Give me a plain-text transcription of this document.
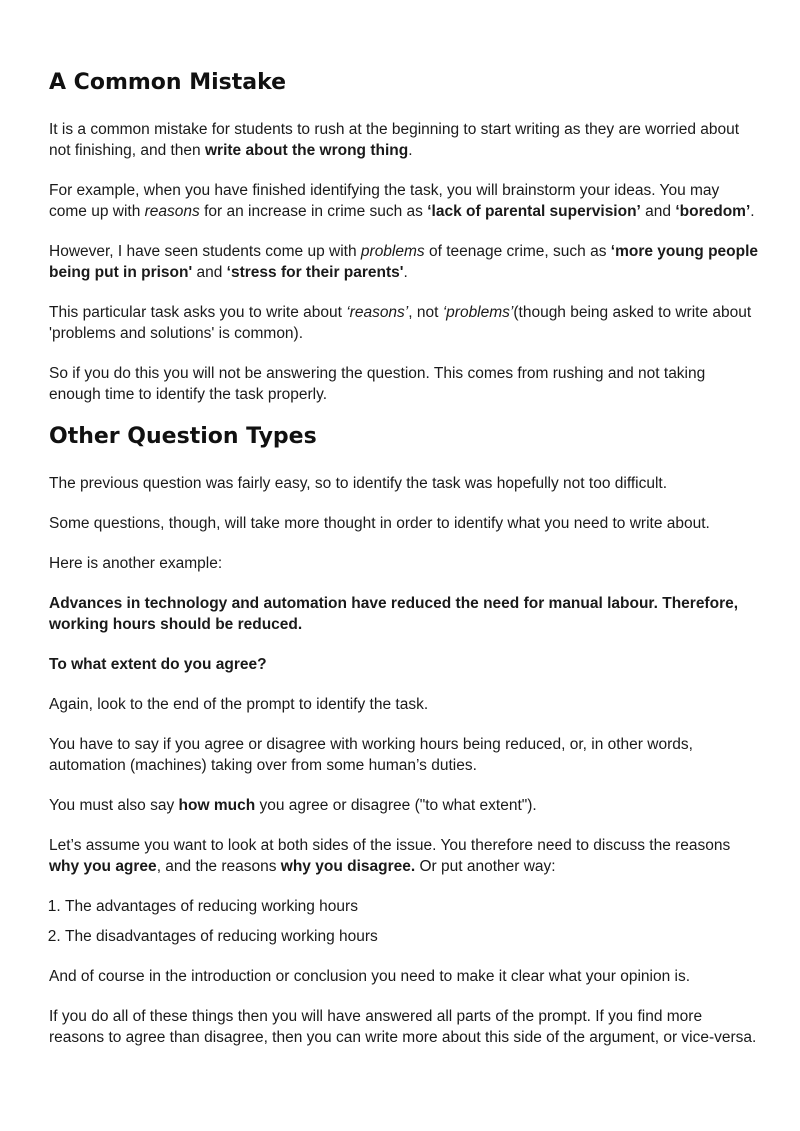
A Common Mistake

It is a common mistake for students to rush at the beginning to start writing as they are worried about not finishing, and then write about the wrong thing.

For example, when you have finished identifying the task, you will brainstorm your ideas. You may come up with reasons for an increase in crime such as ‘lack of parental supervision’ and ‘boredom’.

However, I have seen students come up with problems of teenage crime, such as ‘more young people being put in prison' and ‘stress for their parents'.

This particular task asks you to write about ‘reasons’, not ‘problems’(though being asked to write about 'problems and solutions' is common).

So if you do this you will not be answering the question. This comes from rushing and not taking enough time to identify the task properly.

Other Question Types

The previous question was fairly easy, so to identify the task was hopefully not too difficult.

Some questions, though, will take more thought in order to identify what you need to write about.

Here is another example:

Advances in technology and automation have reduced the need for manual labour. Therefore, working hours should be reduced.

To what extent do you agree?

Again, look to the end of the prompt to identify the task.

You have to say if you agree or disagree with working hours being reduced, or, in other words, automation (machines) taking over from some human’s duties.

You must also say how much you agree or disagree ("to what extent").

Let’s assume you want to look at both sides of the issue. You therefore need to discuss the reasons why you agree, and the reasons why you disagree. Or put another way:

1. The advantages of reducing working hours
2. The disadvantages of reducing working hours

And of course in the introduction or conclusion you need to make it clear what your opinion is.

If you do all of these things then you will have answered all parts of the prompt. If you find more reasons to agree than disagree, then you can write more about this side of the argument, or vice-versa.
